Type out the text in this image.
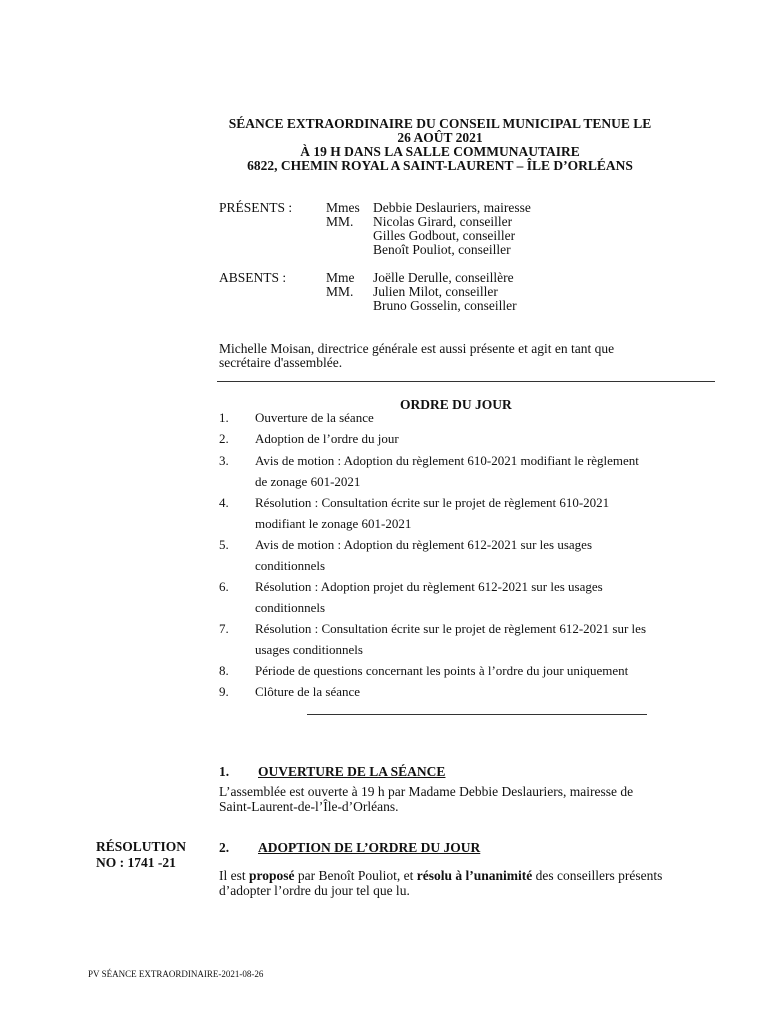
SÉANCE EXTRAORDINAIRE DU CONSEIL MUNICIPAL TENUE LE
26 AOÛT 2021
À 19 H DANS LA SALLE COMMUNAUTAIRE
6822, CHEMIN ROYAL A SAINT-LAURENT – ÎLE D’ORLÉANS
PRÉSENTS :	Mmes Debbie Deslauriers, mairesse
MM. Nicolas Girard, conseiller
Gilles Godbout, conseiller
Benoît Pouliot, conseiller
ABSENTS :	Mme Joëlle Derulle, conseillère
MM. Julien Milot, conseiller
Bruno Gosselin, conseiller
Michelle Moisan, directrice générale est aussi présente et agit en tant que
secrétaire d'assemblée.
ORDRE DU JOUR
1. Ouverture de la séance
2. Adoption de l’ordre du jour
3. Avis de motion : Adoption du règlement 610-2021 modifiant le règlement
de zonage 601-2021
4. Résolution : Consultation écrite sur le projet de règlement 610-2021
modifiant le zonage 601-2021
5. Avis de motion : Adoption du règlement 612-2021 sur les usages
conditionnels
6. Résolution : Adoption projet du règlement 612-2021 sur les usages
conditionnels
7. Résolution : Consultation écrite sur le projet de règlement 612-2021 sur les
usages conditionnels
8. Période de questions concernant les points à l’ordre du jour uniquement
9. Clôture de la séance
1. OUVERTURE DE LA SÉANCE
L’assemblée est ouverte à 19 h par Madame Debbie Deslauriers, mairesse de
Saint-Laurent-de-l’Île-d’Orléans.
RÉSOLUTION
NO : 1741 -21
2. ADOPTION DE L’ORDRE DU JOUR
Il est proposé par Benoît Pouliot, et résolu à l’unanimité des conseillers présents
d’adopter l’ordre du jour tel que lu.
PV SÉANCE EXTRAORDINAIRE-2021-08-26
